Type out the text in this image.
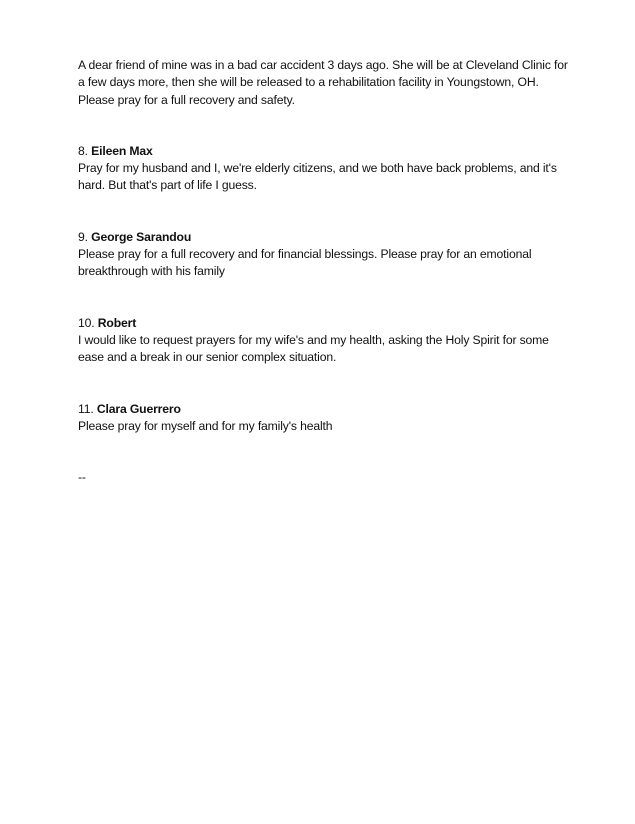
A dear friend of mine was in a bad car accident 3 days ago. She will be at Cleveland Clinic for a few days more, then she will be released to a rehabilitation facility in Youngstown, OH. Please pray for a full recovery and safety.

8. Eileen Max

Pray for my husband and I, we're elderly citizens, and we both have back problems, and it's hard. But that's part of life I guess.

9. George Sarandou

Please pray for a full recovery and for financial blessings. Please pray for an emotional breakthrough with his family

10. Robert

I would like to request prayers for my wife's and my health, asking the Holy Spirit for some ease and a break in our senior complex situation.

11. Clara Guerrero

Please pray for myself and for my family's health

--
